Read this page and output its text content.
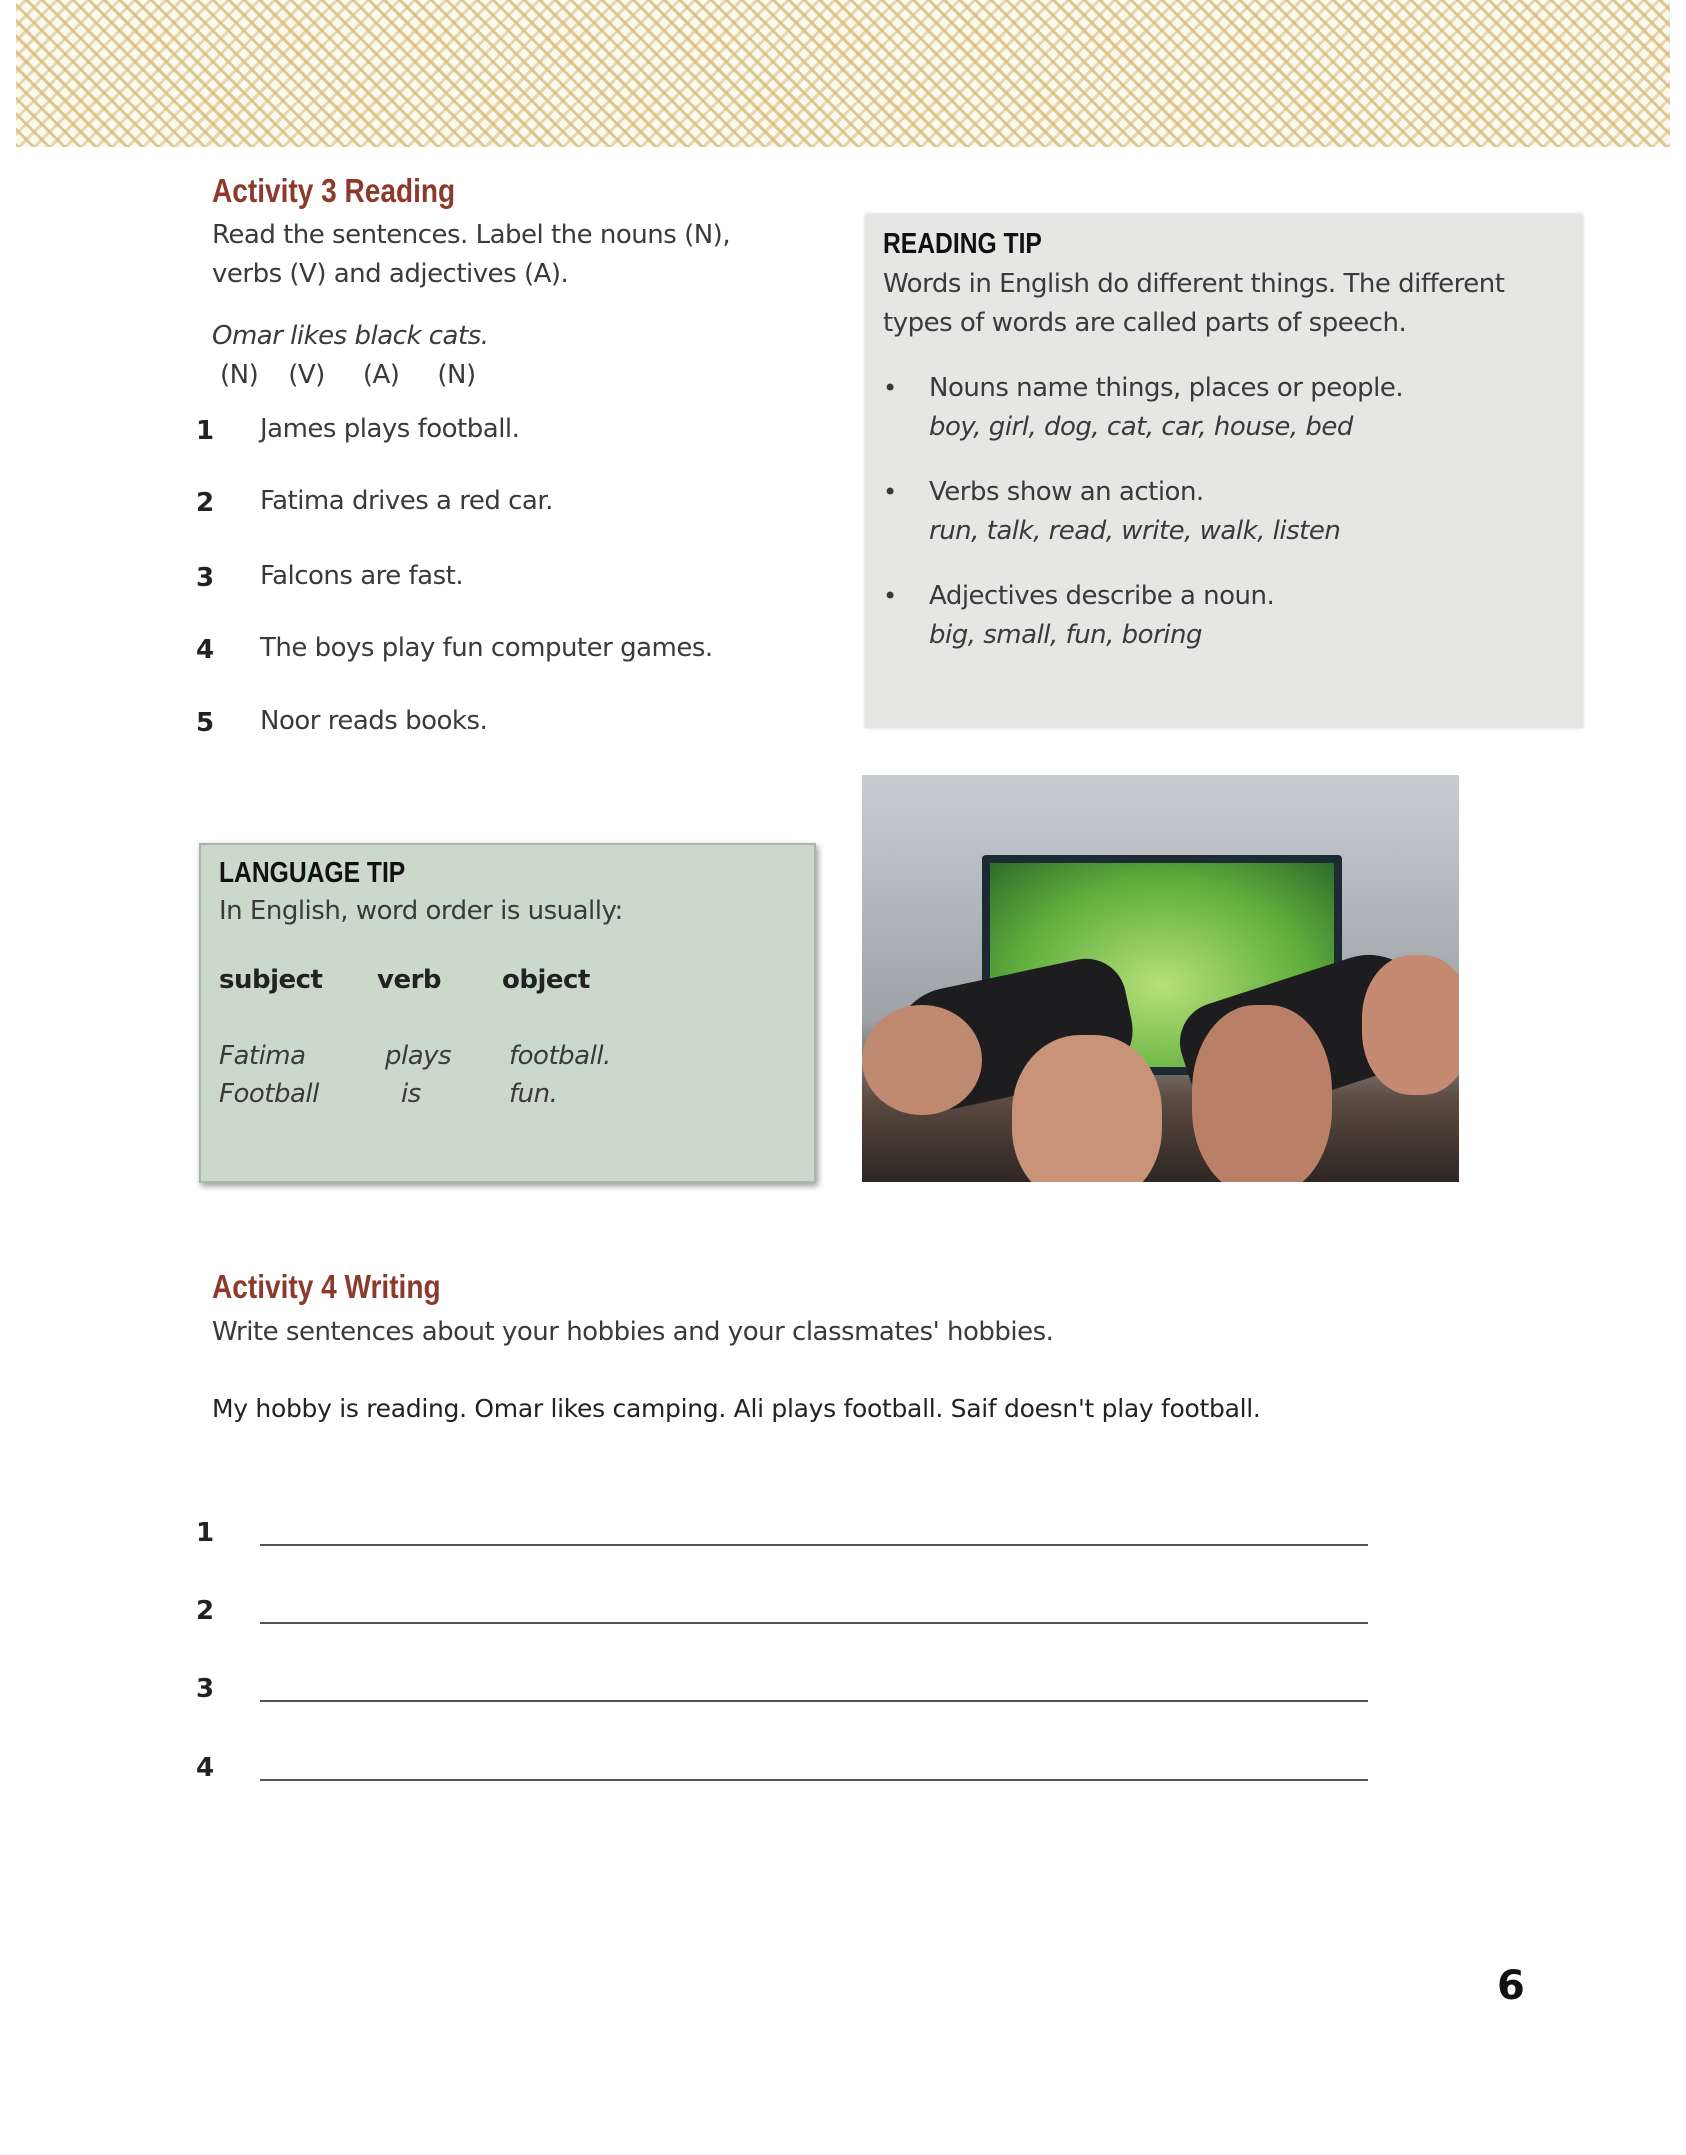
Activity 3 Reading
Read the sentences. Label the nouns (N),
verbs (V) and adjectives (A).
Omar likes black cats.
(N) (V) (A) (N)
1 James plays football.
2 Fatima drives a red car.
3 Falcons are fast.
4 The boys play fun computer games.
5 Noor reads books.
READING TIP
Words in English do different things. The different
types of words are called parts of speech.
• Nouns name things, places or people.
boy, girl, dog, cat, car, house, bed
• Verbs show an action.
run, talk, read, write, walk, listen
• Adjectives describe a noun.
big, small, fun, boring
LANGUAGE TIP
In English, word order is usually:
subject	verb	object
Fatima	plays	football.
Football	is	fun.
Activity 4 Writing
Write sentences about your hobbies and your classmates' hobbies.
My hobby is reading. Omar likes camping. Ali plays football. Saif doesn't play football.
1
2
3
4
6
